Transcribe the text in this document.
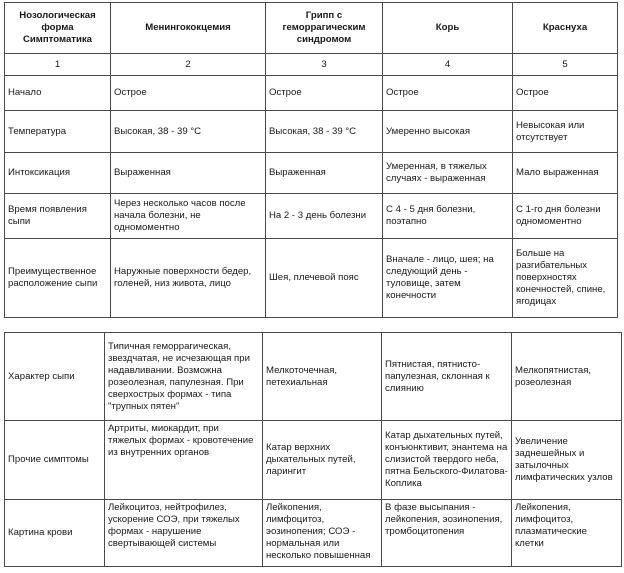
Нозологическая форма Симптоматика	Менингококцемия	Грипп с геморрагическим синдромом	Корь	Краснуха
1	2	3	4	5
Начало	Острое	Острое	Острое	Острое
Температура	Высокая, 38 - 39 °С	Высокая, 38 - 39 °С	Умеренно высокая	Невысокая или отсутствует
Интоксикация	Выраженная	Выраженная	Умеренная, в тяжелых случаях - выраженная	Мало выраженная
Время появления сыпи	Через несколько часов после начала болезни, не одномоментно	На 2 - 3 день болезни	С 4 - 5 дня болезни, поэтапно	С 1-го дня болезни одномоментно
Преимущественное расположение сыпи	Наружные поверхности бедер, голеней, низ живота, лицо	Шея, плечевой пояс	Вначале - лицо, шея; на следующий день - туловище, затем конечности	Больше на разгибательных поверхностях конечностей, спине, ягодицах
Характер сыпи	Типичная геморрагическая, звездчатая, не исчезающая при надавливании. Возможна розеолезная, папулезная. При сверхострых формах - типа "трупных пятен"	Мелкоточечная, петехиальная	Пятнистая, пятнисто-папулезная, склонная к слиянию	Мелкопятнистая, розеолезная
Прочие симптомы	Артриты, миокардит, при тяжелых формах - кровотечение из внутренних органов	Катар верхних дыхательных путей, ларингит	Катар дыхательных путей, конъюнктивит, энантема на слизистой твердого неба, пятна Бельского-Филатова-Коплика	Увеличение заднешейных и затылочных лимфатических узлов
Картина крови	Лейкоцитоз, нейтрофилез, ускорение СОЭ, при тяжелых формах - нарушение свертывающей системы	Лейкопения, лимфоцитоз, эозинопения; СОЭ - нормальная или несколько повышенная	В фазе высыпания - лейкопения, эозинопения, тромбоцитопения	Лейкопения, лимфоцитоз, плазматические клетки
